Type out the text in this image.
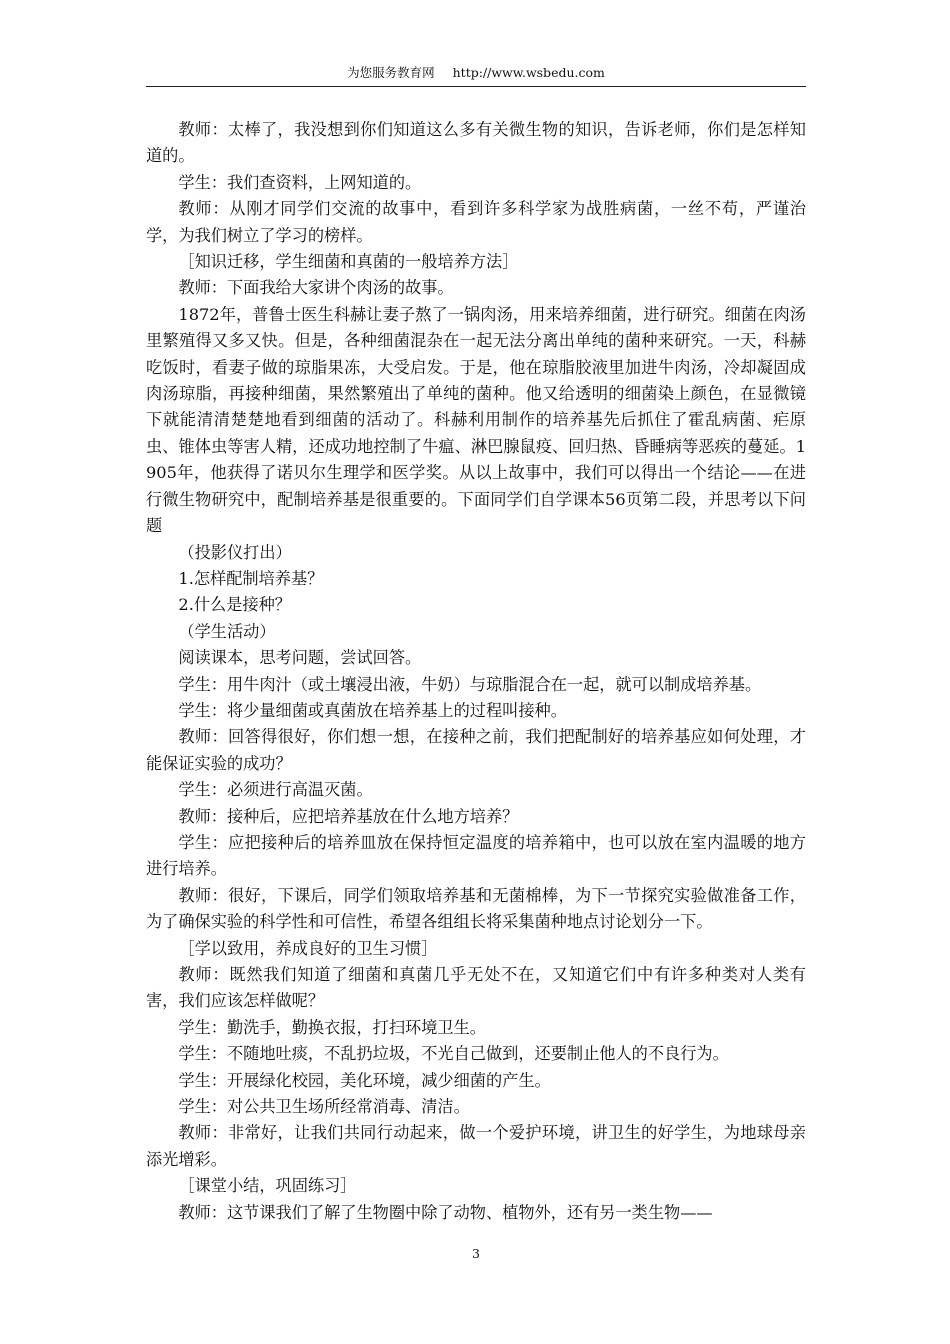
为您服务教育网 http://www.wsbedu.com

教师：太棒了，我没想到你们知道这么多有关微生物的知识，告诉老师，你们是怎样知道的。

学生：我们查资料，上网知道的。

教师：从刚才同学们交流的故事中，看到许多科学家为战胜病菌，一丝不苟，严谨治学，为我们树立了学习的榜样。

［知识迁移，学生细菌和真菌的一般培养方法］

教师：下面我给大家讲个肉汤的故事。

1872年，普鲁士医生科赫让妻子熬了一锅肉汤，用来培养细菌，进行研究。细菌在肉汤里繁殖得又多又快。但是，各种细菌混杂在一起无法分离出单纯的菌种来研究。一天，科赫吃饭时，看妻子做的琼脂果冻，大受启发。于是，他在琼脂胶液里加进牛肉汤，冷却凝固成肉汤琼脂，再接种细菌，果然繁殖出了单纯的菌种。他又给透明的细菌染上颜色，在显微镜下就能清清楚楚地看到细菌的活动了。科赫利用制作的培养基先后抓住了霍乱病菌、疟原虫、锥体虫等害人精，还成功地控制了牛瘟、淋巴腺鼠疫、回归热、昏睡病等恶疾的蔓延。1905年，他获得了诺贝尔生理学和医学奖。从以上故事中，我们可以得出一个结论——在进行微生物研究中，配制培养基是很重要的。下面同学们自学课本56页第二段，并思考以下问题

（投影仪打出）

1.怎样配制培养基？

2.什么是接种？

（学生活动）

阅读课本，思考问题，尝试回答。

学生：用牛肉汁（或土壤浸出液，牛奶）与琼脂混合在一起，就可以制成培养基。

学生：将少量细菌或真菌放在培养基上的过程叫接种。

教师：回答得很好，你们想一想，在接种之前，我们把配制好的培养基应如何处理，才能保证实验的成功？

学生：必须进行高温灭菌。

教师：接种后，应把培养基放在什么地方培养？

学生：应把接种后的培养皿放在保持恒定温度的培养箱中，也可以放在室内温暖的地方进行培养。

教师：很好，下课后，同学们领取培养基和无菌棉棒，为下一节探究实验做准备工作，为了确保实验的科学性和可信性，希望各组组长将采集菌种地点讨论划分一下。

［学以致用，养成良好的卫生习惯］

教师：既然我们知道了细菌和真菌几乎无处不在，又知道它们中有许多种类对人类有害，我们应该怎样做呢？

学生：勤洗手，勤换衣报，打扫环境卫生。

学生：不随地吐痰，不乱扔垃圾，不光自己做到，还要制止他人的不良行为。

学生：开展绿化校园，美化环境，减少细菌的产生。

学生：对公共卫生场所经常消毒、清洁。

教师：非常好，让我们共同行动起来，做一个爱护环境，讲卫生的好学生，为地球母亲添光增彩。

［课堂小结，巩固练习］

教师：这节课我们了解了生物圈中除了动物、植物外，还有另一类生物——

3
